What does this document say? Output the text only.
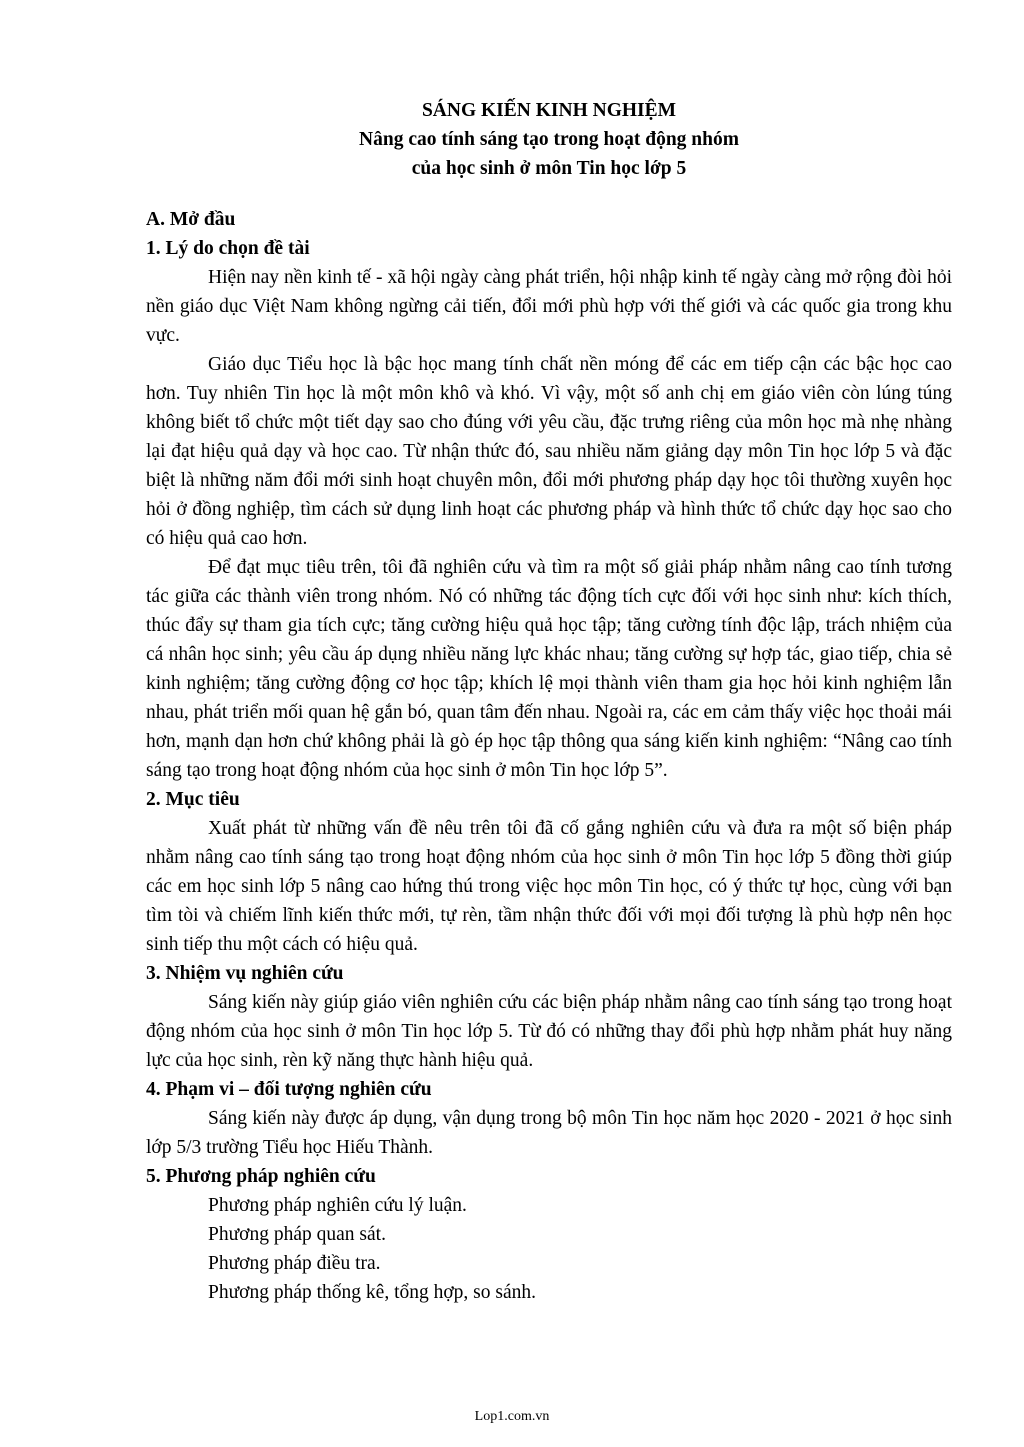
SÁNG KIẾN KINH NGHIỆM
Nâng cao tính sáng tạo trong hoạt động nhóm
của học sinh ở môn Tin học lớp 5

A. Mở đầu

1. Lý do chọn đề tài

Hiện nay nền kinh tế - xã hội ngày càng phát triển, hội nhập kinh tế ngày càng mở rộng đòi hỏi nền giáo dục Việt Nam không ngừng cải tiến, đổi mới phù hợp với thế giới và các quốc gia trong khu vực.

Giáo dục Tiểu học là bậc học mang tính chất nền móng để các em tiếp cận các bậc học cao hơn. Tuy nhiên Tin học là một môn khô và khó. Vì vậy, một số anh chị em giáo viên còn lúng túng không biết tổ chức một tiết dạy sao cho đúng với yêu cầu, đặc trưng riêng của môn học mà nhẹ nhàng lại đạt hiệu quả dạy và học cao. Từ nhận thức đó, sau nhiều năm giảng dạy môn Tin học lớp 5 và đặc biệt là những năm đổi mới sinh hoạt chuyên môn, đổi mới phương pháp dạy học tôi thường xuyên học hỏi ở đồng nghiệp, tìm cách sử dụng linh hoạt các phương pháp và hình thức tổ chức dạy học sao cho có hiệu quả cao hơn.

Để đạt mục tiêu trên, tôi đã nghiên cứu và tìm ra một số giải pháp nhằm nâng cao tính tương tác giữa các thành viên trong nhóm. Nó có những tác động tích cực đối với học sinh như: kích thích, thúc đẩy sự tham gia tích cực; tăng cường hiệu quả học tập; tăng cường tính độc lập, trách nhiệm của cá nhân học sinh; yêu cầu áp dụng nhiều năng lực khác nhau; tăng cường sự hợp tác, giao tiếp, chia sẻ kinh nghiệm; tăng cường động cơ học tập; khích lệ mọi thành viên tham gia học hỏi kinh nghiệm lẫn nhau, phát triển mối quan hệ gắn bó, quan tâm đến nhau. Ngoài ra, các em cảm thấy việc học thoải mái hơn, mạnh dạn hơn chứ không phải là gò ép học tập thông qua sáng kiến kinh nghiệm: “Nâng cao tính sáng tạo trong hoạt động nhóm của học sinh ở môn Tin học lớp 5”.

2. Mục tiêu

Xuất phát từ những vấn đề nêu trên tôi đã cố gắng nghiên cứu và đưa ra một số biện pháp nhằm nâng cao tính sáng tạo trong hoạt động nhóm của học sinh ở môn Tin học lớp 5 đồng thời giúp các em học sinh lớp 5 nâng cao hứng thú trong việc học môn Tin học, có ý thức tự học, cùng với bạn tìm tòi và chiếm lĩnh kiến thức mới, tự rèn, tầm nhận thức đối với mọi đối tượng là phù hợp nên học sinh tiếp thu một cách có hiệu quả.

3. Nhiệm vụ nghiên cứu

Sáng kiến này giúp giáo viên nghiên cứu các biện pháp nhằm nâng cao tính sáng tạo trong hoạt động nhóm của học sinh ở môn Tin học lớp 5. Từ đó có những thay đổi phù hợp nhằm phát huy năng lực của học sinh, rèn kỹ năng thực hành hiệu quả.

4. Phạm vi – đối tượng nghiên cứu

Sáng kiến này được áp dụng, vận dụng trong bộ môn Tin học năm học 2020 - 2021 ở học sinh lớp 5/3 trường Tiểu học Hiếu Thành.

5. Phương pháp nghiên cứu

Phương pháp nghiên cứu lý luận.

Phương pháp quan sát.

Phương pháp điều tra.

Phương pháp thống kê, tổng hợp, so sánh.

Lop1.com.vn
